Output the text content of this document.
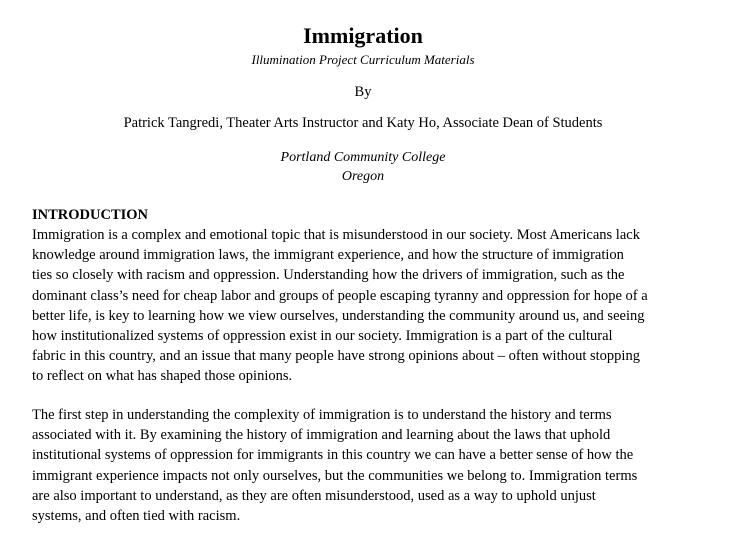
Immigration
Illumination Project Curriculum Materials
By
Patrick Tangredi, Theater Arts Instructor and Katy Ho, Associate Dean of Students
Portland Community College
Oregon
INTRODUCTION
Immigration is a complex and emotional topic that is misunderstood in our society. Most Americans lack
knowledge around immigration laws, the immigrant experience, and how the structure of immigration
ties so closely with racism and oppression. Understanding how the drivers of immigration, such as the
dominant class’s need for cheap labor and groups of people escaping tyranny and oppression for hope of a
better life, is key to learning how we view ourselves, understanding the community around us, and seeing
how institutionalized systems of oppression exist in our society. Immigration is a part of the cultural
fabric in this country, and an issue that many people have strong opinions about – often without stopping
to reflect on what has shaped those opinions.
The first step in understanding the complexity of immigration is to understand the history and terms
associated with it. By examining the history of immigration and learning about the laws that uphold
institutional systems of oppression for immigrants in this country we can have a better sense of how the
immigrant experience impacts not only ourselves, but the communities we belong to. Immigration terms
are also important to understand, as they are often misunderstood, used as a way to uphold unjust
systems, and often tied with racism.
